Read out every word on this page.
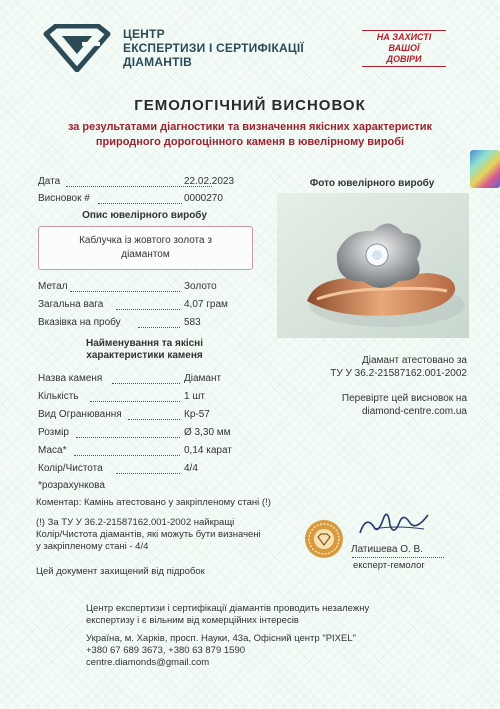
ЦЕНТР
ЕКСПЕРТИЗИ І СЕРТИФІКАЦІЇ
ДІАМАНТІВ
НА ЗАХИСТІ
ВАШОЇ
ДОВІРИ
ГЕМОЛОГІЧНИЙ ВИСНОВОК
за результатами діагностики та визначення якісних характеристик
природного дорогоцінного каменя в ювелірному виробі
Дата	22.02.2023
Висновок #	0000270
Опис ювелірного виробу
Каблучка із жовтого золота з
діамантом
Метал	Золото
Загальна вага	4,07 грам
Вказівка на пробу	583
Найменування та якісні
характеристики каменя
Назва каменя	Діамант
Кількість	1 шт
Вид Огранювання	Кр-57
Розмір	Ø 3,30 мм
Маса*	0,14 карат
Колір/Чистота	4/4
*розрахункова
Фото ювелірного виробу
Діамант атестовано за
ТУ У 36.2-21587162.001-2002
Перевірте цей висновок на
diamond-centre.com.ua
Коментар: Камінь атестовано у закріпленому стані (!)
(!) За ТУ У 36.2-21587162.001-2002 найкращі
Колір/Чистота діамантів, які можуть бути визначені
у закріпленому стані - 4/4
Цей документ захищений від підробок
Латишева О. В.
експерт-гемолог
Центр експертизи і сертифікації діамантів проводить незалежну
експертизу і є вільним від комерційних інтересів
Україна, м. Харків, просп. Науки, 43а, Офісний центр "PIXEL"
+380 67 689 3673, +380 63 879 1590
centre.diamonds@gmail.com
